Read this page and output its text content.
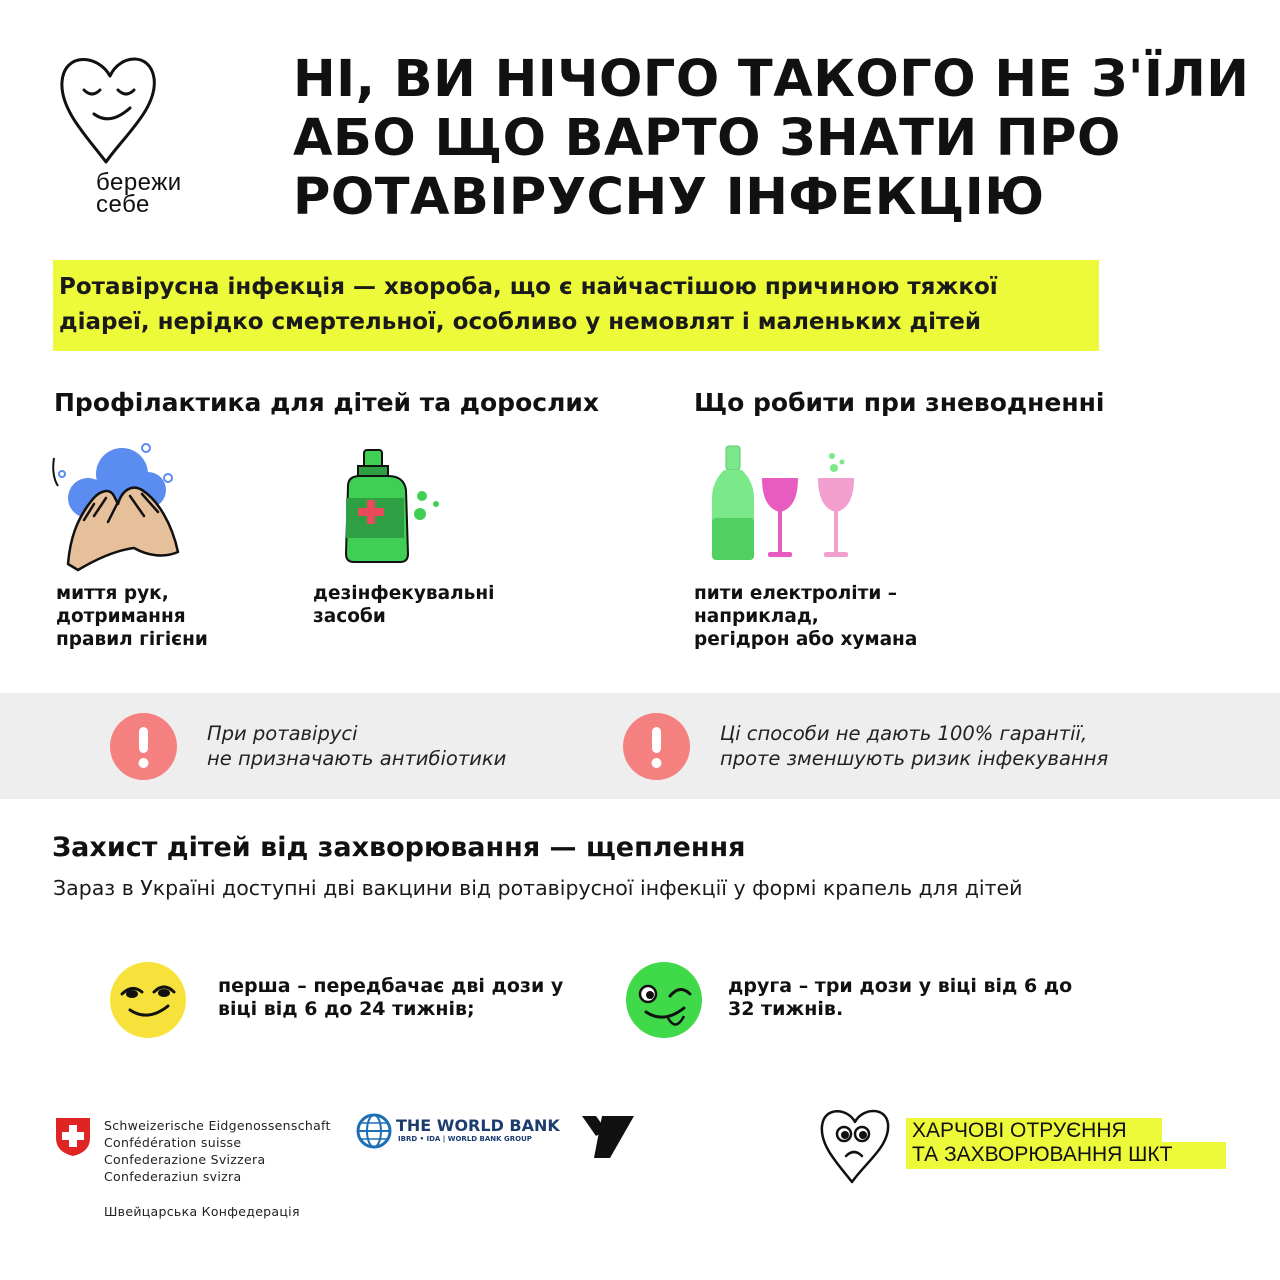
бережи
себе
НІ, ВИ НІЧОГО ТАКОГО НЕ З'ЇЛИ
АБО ЩО ВАРТО ЗНАТИ ПРО
РОТАВІРУСНУ ІНФЕКЦІЮ
Ротавірусна інфекція — хвороба, що є найчастішою причиною тяжкої
діареї, нерідко смертельної, особливо у немовлят і маленьких дітей
Профілактика для дітей та дорослих	Що робити при зневодненні
миття рук,
дотримання
правил гігієни
дезінфекувальні
засоби
пити електроліти –
наприклад,
регідрон або хумана
При ротавірусі
не призначають антибіотики
Ці способи не дають 100% гарантії,
проте зменшують ризик інфекування
Захист дітей від захворювання — щеплення
Зараз в Україні доступні дві вакцини від ротавірусної інфекції у формі крапель для дітей
перша – передбачає дві дози у
віці від 6 до 24 тижнів;
друга – три дози у віці від 6 до
32 тижнів.
Schweizerische Eidgenossenschaft
Confédération suisse
Confederazione Svizzera
Confederaziun svizra
Швейцарська Конфедерація
THE WORLD BANK
IBRD • IDA | WORLD BANK GROUP	ХАРЧОВІ ОТРУЄННЯ
ТА ЗАХВОРЮВАННЯ ШКТ
